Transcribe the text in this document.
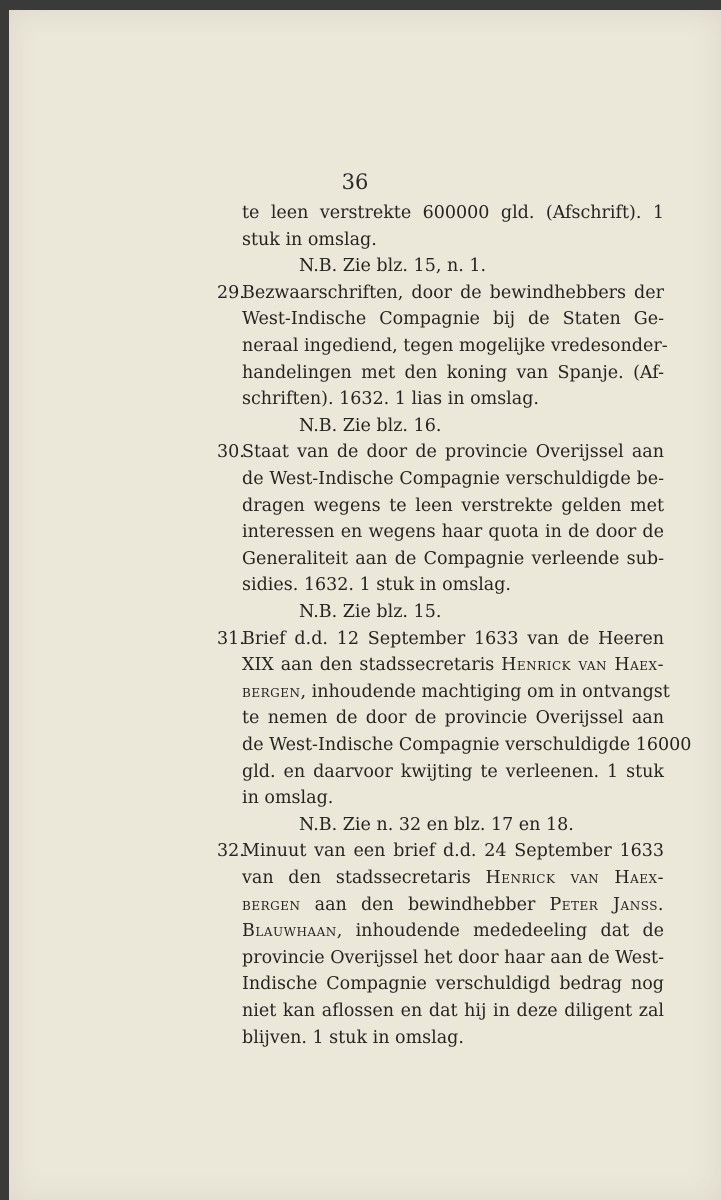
36
te leen verstrekte 600000 gld. (Afschrift). 1
stuk in omslag.
N.B. Zie blz. 15, n. 1.
29.
Bezwaarschriften, door de bewindhebbers der
West-Indische Compagnie bij de Staten Ge-
neraal ingediend, tegen mogelijke vredesonder-
handelingen met den koning van Spanje. (Af-
schriften). 1632. 1 lias in omslag.
N.B. Zie blz. 16.
30.
Staat van de door de provincie Overijssel aan
de West-Indische Compagnie verschuldigde be-
dragen wegens te leen verstrekte gelden met
interessen en wegens haar quota in de door de
Generaliteit aan de Compagnie verleende sub-
sidies. 1632. 1 stuk in omslag.
N.B. Zie blz. 15.
31.
Brief d.d. 12 September 1633 van de Heeren
XIX aan den stadssecretaris Henrick van Haex-
bergen, inhoudende machtiging om in ontvangst
te nemen de door de provincie Overijssel aan
de West-Indische Compagnie verschuldigde 16000
gld. en daarvoor kwijting te verleenen. 1 stuk
in omslag.
N.B. Zie n. 32 en blz. 17 en 18.
32.
Minuut van een brief d.d. 24 September 1633
van den stadssecretaris Henrick van Haex-
bergen aan den bewindhebber Peter Janss.
Blauwhaan, inhoudende mededeeling dat de
provincie Overijssel het door haar aan de West-
Indische Compagnie verschuldigd bedrag nog
niet kan aflossen en dat hij in deze diligent zal
blijven. 1 stuk in omslag.
